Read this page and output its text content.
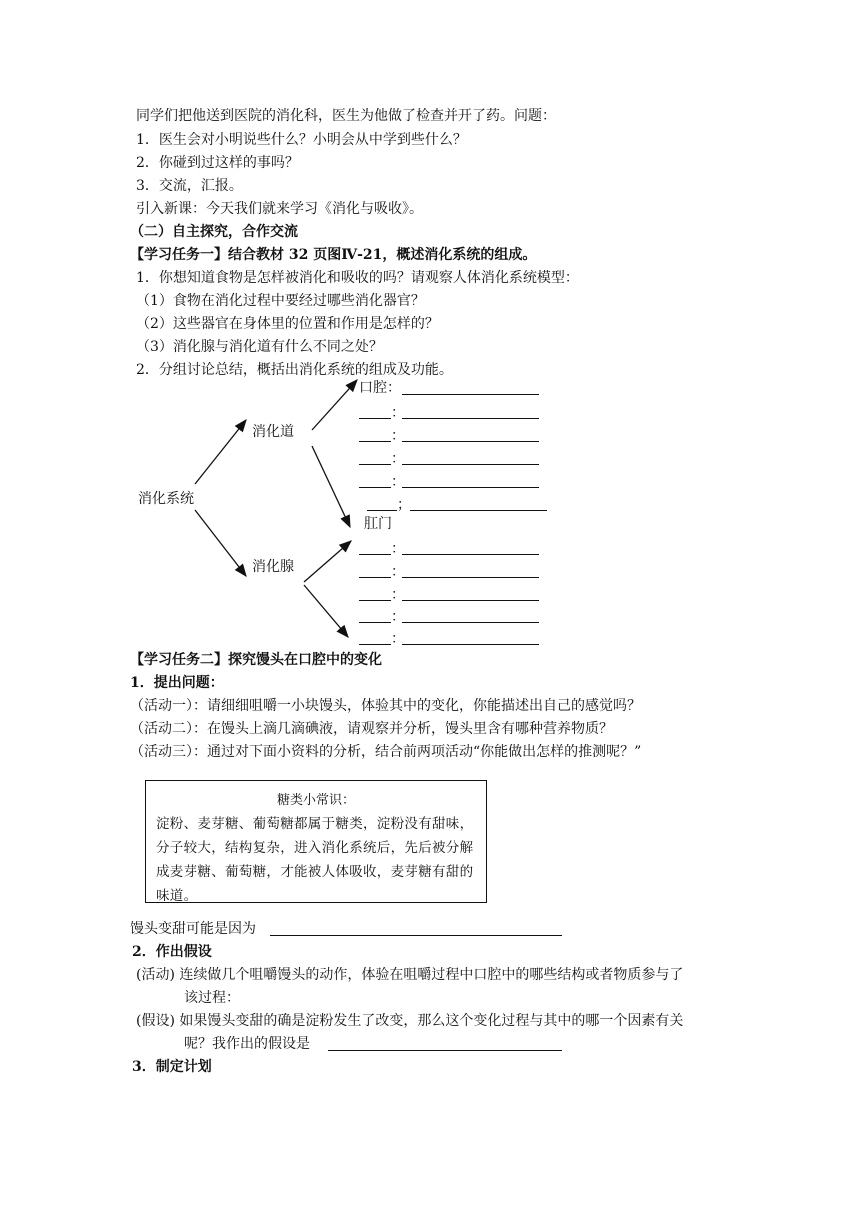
同学们把他送到医院的消化科，医生为他做了检查并开了药。问题：
1．医生会对小明说些什么？小明会从中学到些什么？
2．你碰到过这样的事吗？
3．交流，汇报。
引入新课：今天我们就来学习《消化与吸收》。
（二）自主探究，合作交流
【学习任务一】结合教材 32 页图Ⅳ-21，概述消化系统的组成。
1．你想知道食物是怎样被消化和吸收的吗？请观察人体消化系统模型：
（1）食物在消化过程中要经过哪些消化器官？
（2）这些器官在身体里的位置和作用是怎样的？
（3）消化腺与消化道有什么不同之处？
2．分组讨论总结，概括出消化系统的组成及功能。
消化系统
消化道
消化腺
口腔：
：
：
：
：
；
肛门
：
：
：
：
：
【学习任务二】探究馒头在口腔中的变化
1．提出问题：
（活动一）：请细细咀嚼一小块馒头，体验其中的变化，你能描述出自己的感觉吗？
（活动二）：在馒头上滴几滴碘液，请观察并分析，馒头里含有哪种营养物质？
（活动三）：通过对下面小资料的分析，结合前两项活动“你能做出怎样的推测呢？”
糖类小常识：
淀粉、麦芽糖、葡萄糖都属于糖类，淀粉没有甜味，分子较大，结构复杂，进入消化系统后，先后被分解成麦芽糖、葡萄糖，才能被人体吸收，麦芽糖有甜的味道。
馒头变甜可能是因为
2．作出假设
(活动) 连续做几个咀嚼馒头的动作，体验在咀嚼过程中口腔中的哪些结构或者物质参与了
该过程：
(假设) 如果馒头变甜的确是淀粉发生了改变，那么这个变化过程与其中的哪一个因素有关
呢？我作出的假设是
3．制定计划
